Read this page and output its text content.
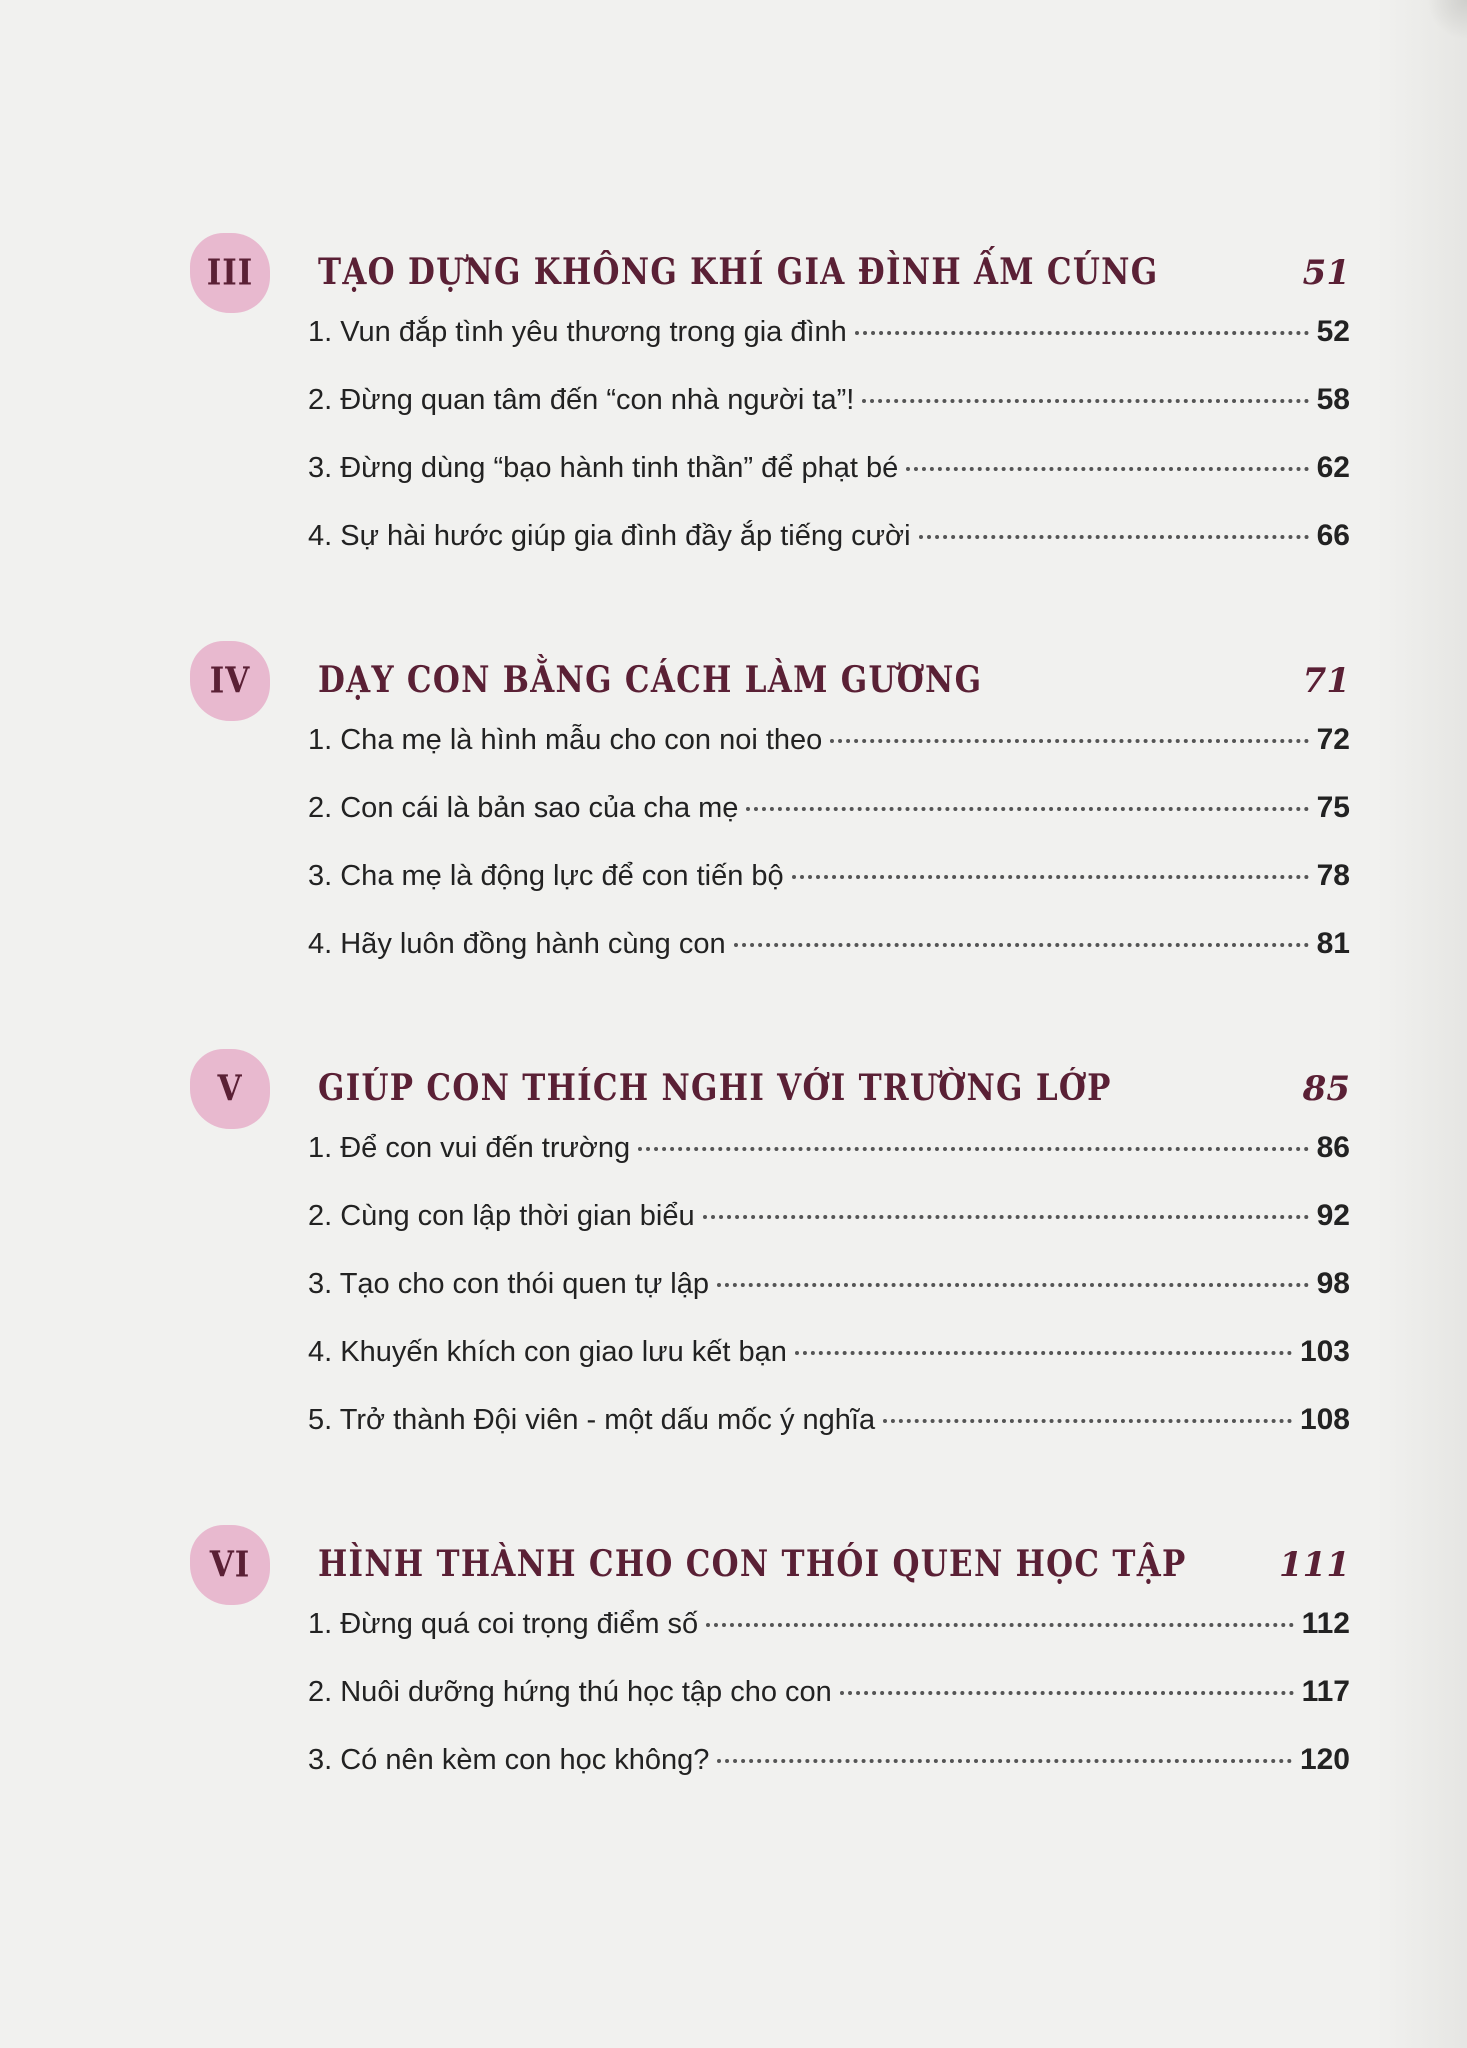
III TẠO DỰNG KHÔNG KHÍ GIA ĐÌNH ẤM CÚNG	51
1. Vun đắp tình yêu thương trong gia đình	52
2. Đừng quan tâm đến “con nhà người ta”!	58
3. Đừng dùng “bạo hành tinh thần” để phạt bé	62
4. Sự hài hước giúp gia đình đầy ắp tiếng cười	66
IV DẠY CON BẰNG CÁCH LÀM GƯƠNG	71
1. Cha mẹ là hình mẫu cho con noi theo	72
2. Con cái là bản sao của cha mẹ	75
3. Cha mẹ là động lực để con tiến bộ	78
4. Hãy luôn đồng hành cùng con	81
V GIÚP CON THÍCH NGHI VỚI TRƯỜNG LỚP	85
1. Để con vui đến trường	86
2. Cùng con lập thời gian biểu	92
3. Tạo cho con thói quen tự lập	98
4. Khuyến khích con giao lưu kết bạn	103
5. Trở thành Đội viên - một dấu mốc ý nghĩa	108
VI HÌNH THÀNH CHO CON THÓI QUEN HỌC TẬP	111
1. Đừng quá coi trọng điểm số	112
2. Nuôi dưỡng hứng thú học tập cho con	117
3. Có nên kèm con học không?	120
